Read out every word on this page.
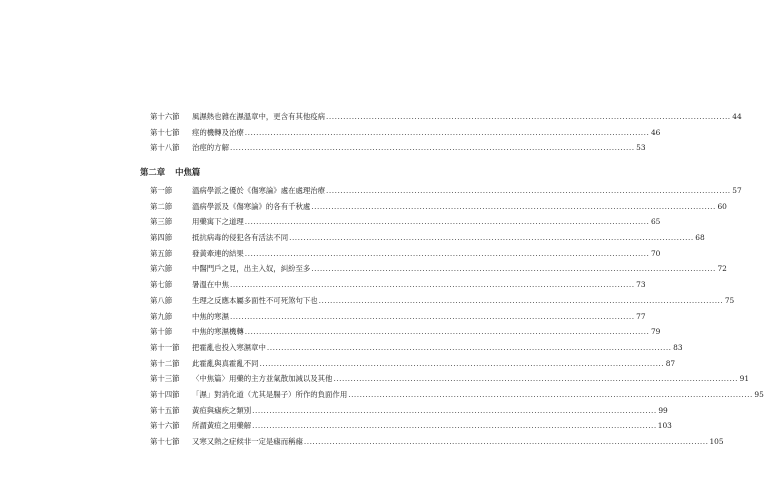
第十六節	風濕熱也雜在濕溫章中，更含有其他疫病 .....	44
第十七節	痙的機轉及治療 .....	46
第十八節	治痙的方解 .....	53
第二章 中焦篇
第一節	溫病學派之優於《傷寒論》處在處理治療 .....	57
第二節	溫病學派及《傷寒論》的各有千秋處 .....	60
第三節	用藥寓下之道理 .....	65
第四節	抵抗病毒的侵犯各有活法不同 .....	68
第五節	發黃牽連的結果 .....	70
第六節	中醫門戶之見，出主入奴，糾紛至多 .....	72
第七節	暑溫在中焦 .....	73
第八節	生理之反應本屬多面性不可死煞句下也 .....	75
第九節	中焦的寒濕 .....	77
第十節	中焦的寒濕機轉 .....	79
第十一節	把霍亂也投入寒濕章中 .....	83
第十二節	此霍亂與真霍亂不同 .....	87
第十三節	〈中焦篇〉用藥的主方並氣散加減以及其他 .....	91
第十四節	「濕」對消化道（尤其是腸子）所作的負面作用 .....	95
第十五節	黃疸與瘧疾之類別 .....	99
第十六節	所謂黃疸之用藥解 .....	103
第十七節	又寒又熱之症候非一定是瘧而稱瘧 .....	105
